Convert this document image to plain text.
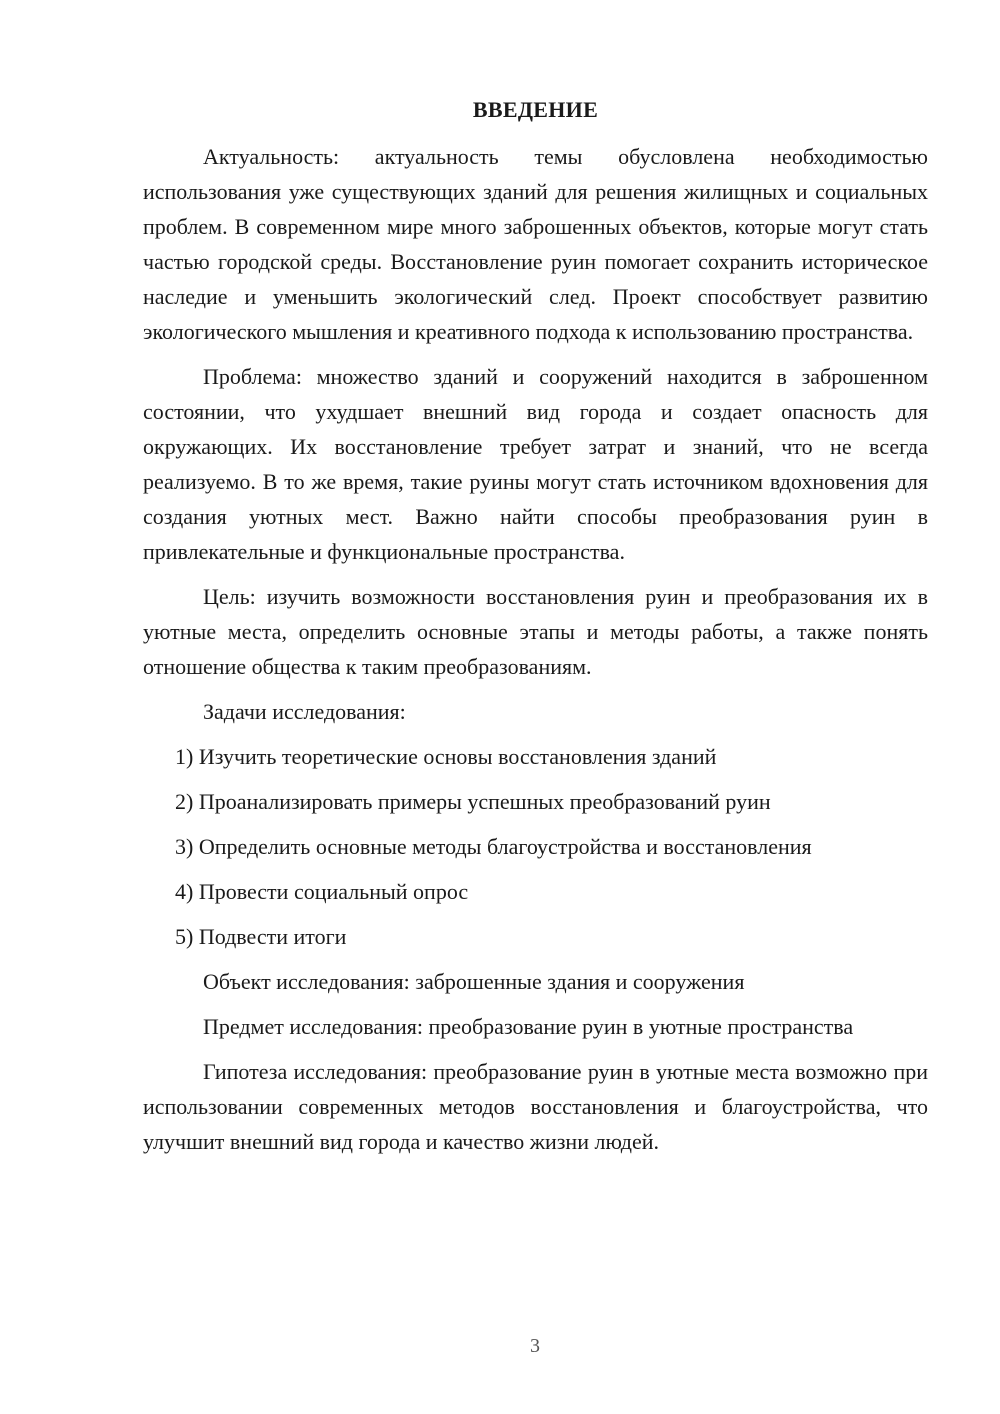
ВВЕДЕНИЕ

Актуальность: актуальность темы обусловлена необходимостью использования уже существующих зданий для решения жилищных и социальных проблем. В современном мире много заброшенных объектов, которые могут стать частью городской среды. Восстановление руин помогает сохранить историческое наследие и уменьшить экологический след. Проект способствует развитию экологического мышления и креативного подхода к использованию пространства.

Проблема: множество зданий и сооружений находится в заброшенном состоянии, что ухудшает внешний вид города и создает опасность для окружающих. Их восстановление требует затрат и знаний, что не всегда реализуемо. В то же время, такие руины могут стать источником вдохновения для создания уютных мест. Важно найти способы преобразования руин в привлекательные и функциональные пространства.

Цель: изучить возможности восстановления руин и преобразования их в уютные места, определить основные этапы и методы работы, а также понять отношение общества к таким преобразованиям.

Задачи исследования:

1) Изучить теоретические основы восстановления зданий
2) Проанализировать примеры успешных преобразований руин
3) Определить основные методы благоустройства и восстановления
4) Провести социальный опрос
5) Подвести итоги

Объект исследования: заброшенные здания и сооружения

Предмет исследования: преобразование руин в уютные пространства

Гипотеза исследования: преобразование руин в уютные места возможно при использовании современных методов восстановления и благоустройства, что улучшит внешний вид города и качество жизни людей.

3
